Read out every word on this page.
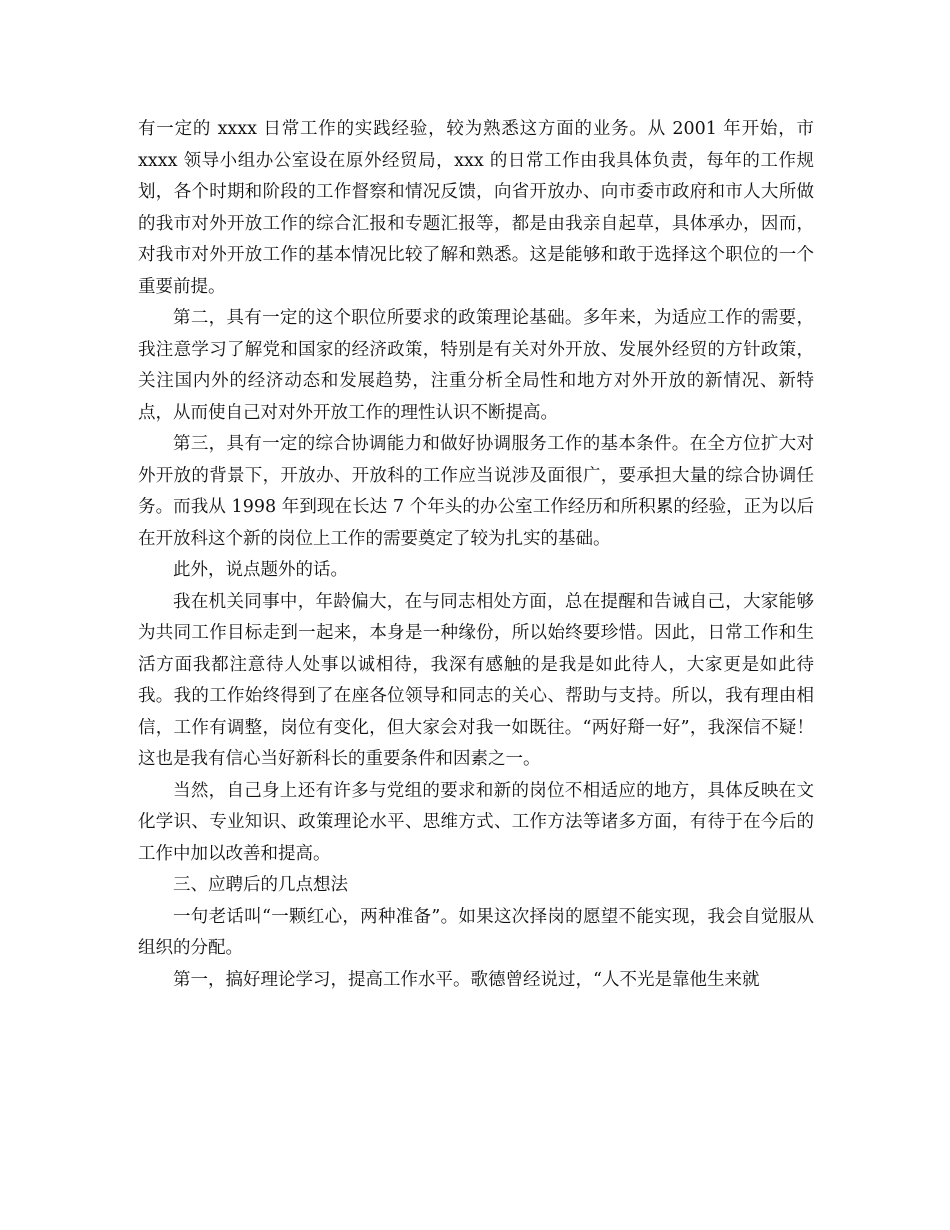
有一定的 xxxx 日常工作的实践经验，较为熟悉这方面的业务。从 2001 年开始，市 xxxx 领导小组办公室设在原外经贸局，xxx 的日常工作由我具体负责，每年的工作规划，各个时期和阶段的工作督察和情况反馈，向省开放办、向市委市政府和市人大所做的我市对外开放工作的综合汇报和专题汇报等，都是由我亲自起草，具体承办，因而，对我市对外开放工作的基本情况比较了解和熟悉。这是能够和敢于选择这个职位的一个重要前提。

第二，具有一定的这个职位所要求的政策理论基础。多年来，为适应工作的需要，我注意学习了解党和国家的经济政策，特别是有关对外开放、发展外经贸的方针政策，关注国内外的经济动态和发展趋势，注重分析全局性和地方对外开放的新情况、新特点，从而使自己对对外开放工作的理性认识不断提高。

第三，具有一定的综合协调能力和做好协调服务工作的基本条件。在全方位扩大对外开放的背景下，开放办、开放科的工作应当说涉及面很广，要承担大量的综合协调任务。而我从 1998 年到现在长达 7 个年头的办公室工作经历和所积累的经验，正为以后在开放科这个新的岗位上工作的需要奠定了较为扎实的基础。

此外，说点题外的话。

我在机关同事中，年龄偏大，在与同志相处方面，总在提醒和告诫自己，大家能够为共同工作目标走到一起来，本身是一种缘份，所以始终要珍惜。因此，日常工作和生活方面我都注意待人处事以诚相待，我深有感触的是我是如此待人，大家更是如此待我。我的工作始终得到了在座各位领导和同志的关心、帮助与支持。所以，我有理由相信，工作有调整，岗位有变化，但大家会对我一如既往。“两好搿一好”，我深信不疑！这也是我有信心当好新科长的重要条件和因素之一。

当然，自己身上还有许多与党组的要求和新的岗位不相适应的地方，具体反映在文化学识、专业知识、政策理论水平、思维方式、工作方法等诸多方面，有待于在今后的工作中加以改善和提高。

三、应聘后的几点想法

一句老话叫“一颗红心，两种准备”。如果这次择岗的愿望不能实现，我会自觉服从组织的分配。

第一，搞好理论学习，提高工作水平。歌德曾经说过，“人不光是靠他生来就
